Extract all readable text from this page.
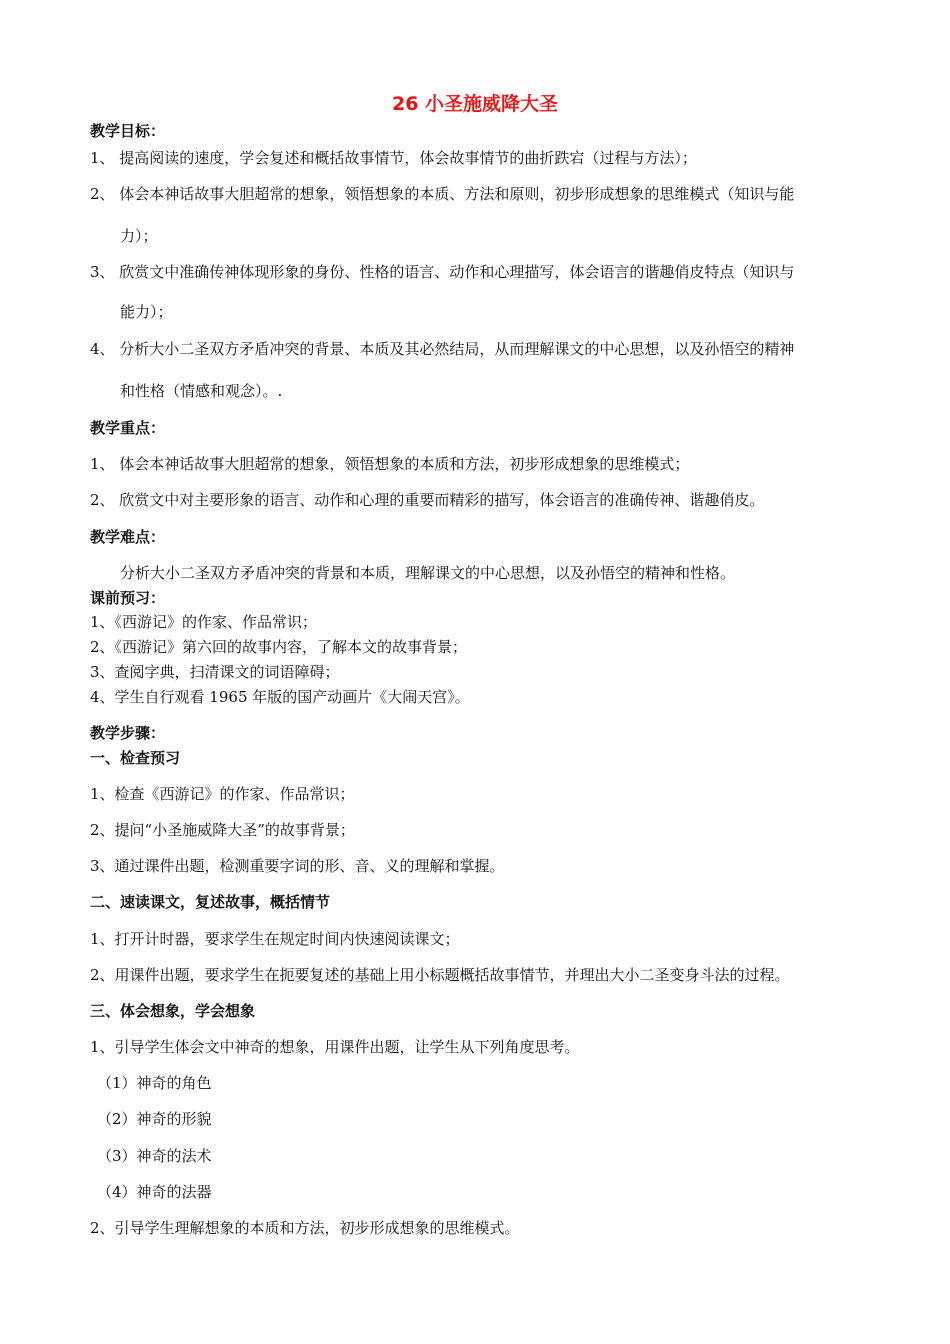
26 小圣施威降大圣
教学目标：
1、 提高阅读的速度，学会复述和概括故事情节，体会故事情节的曲折跌宕（过程与方法）；
2、 体会本神话故事大胆超常的想象，领悟想象的本质、方法和原则，初步形成想象的思维模式（知识与能
力）；
3、 欣赏文中准确传神体现形象的身份、性格的语言、动作和心理描写，体会语言的谐趣俏皮特点（知识与
能力）；
4、 分析大小二圣双方矛盾冲突的背景、本质及其必然结局，从而理解课文的中心思想，以及孙悟空的精神
和性格（情感和观念）。.
教学重点：
1、 体会本神话故事大胆超常的想象，领悟想象的本质和方法，初步形成想象的思维模式；
2、 欣赏文中对主要形象的语言、动作和心理的重要而精彩的描写，体会语言的准确传神、谐趣俏皮。
教学难点：
分析大小二圣双方矛盾冲突的背景和本质，理解课文的中心思想，以及孙悟空的精神和性格。
课前预习：
1、《西游记》的作家、作品常识；
2、《西游记》第六回的故事内容，了解本文的故事背景；
3、查阅字典，扫清课文的词语障碍；
4、学生自行观看 1965 年版的国产动画片《大闹天宫》。
教学步骤：
一、检查预习
1、检查《西游记》的作家、作品常识；
2、提问“小圣施威降大圣”的故事背景；
3、通过课件出题，检测重要字词的形、音、义的理解和掌握。
二、速读课文，复述故事，概括情节
1、打开计时器，要求学生在规定时间内快速阅读课文；
2、用课件出题，要求学生在扼要复述的基础上用小标题概括故事情节，并理出大小二圣变身斗法的过程。
三、体会想象，学会想象
1、引导学生体会文中神奇的想象，用课件出题，让学生从下列角度思考。
（1）神奇的角色
（2）神奇的形貌
（3）神奇的法术
（4）神奇的法器
2、引导学生理解想象的本质和方法，初步形成想象的思维模式。
